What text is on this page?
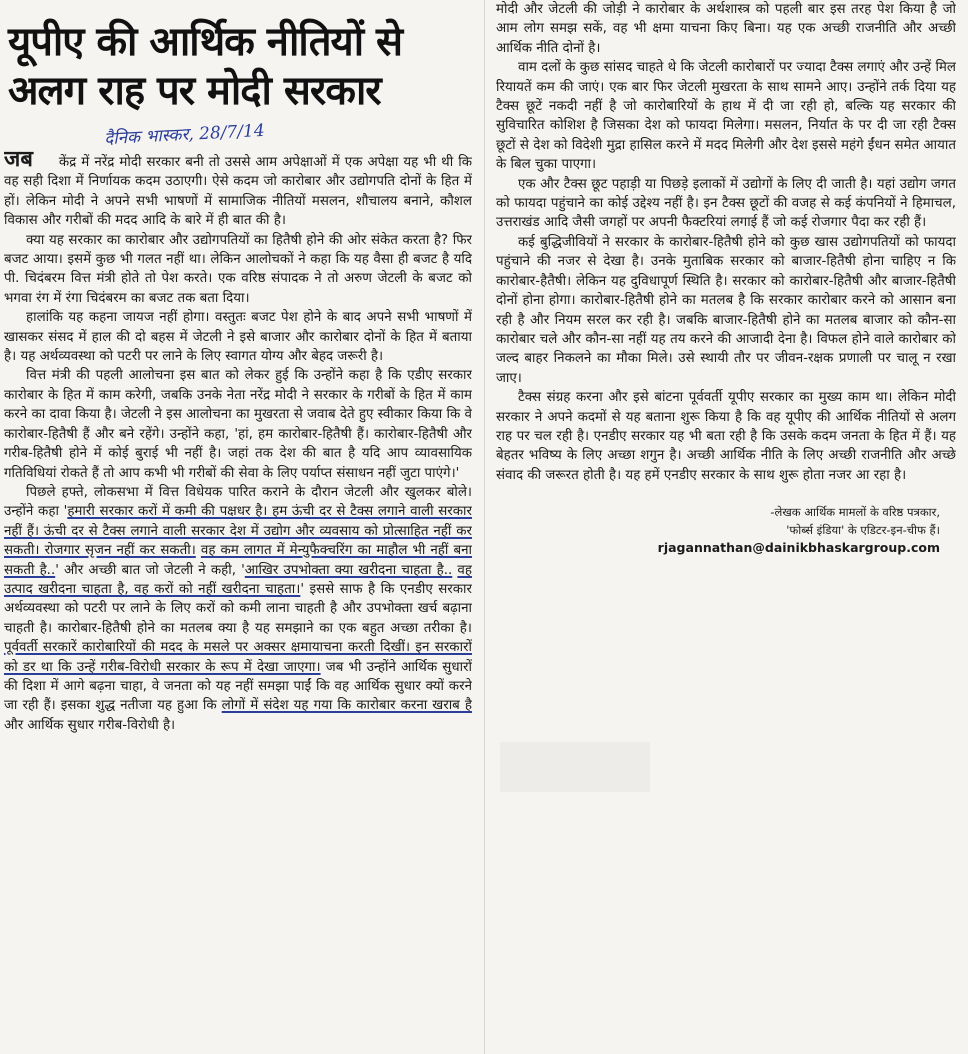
यूपीए की आर्थिक नीतियों से अलग राह पर मोदी सरकार
दैनिक भास्कर, 28/7/14

जब केंद्र में नरेंद्र मोदी सरकार बनी तो उससे आम अपेक्षाओं में एक अपेक्षा यह भी थी कि वह सही दिशा में निर्णायक कदम उठाएगी। ऐसे कदम जो कारोबार और उद्योगपति दोनों के हित में हों। लेकिन मोदी ने अपने सभी भाषणों में सामाजिक नीतियों मसलन, शौचालय बनाने, कौशल विकास और गरीबों की मदद आदि के बारे में ही बात की है।

क्या यह सरकार का कारोबार और उद्योगपतियों का हितैषी होने की ओर संकेत करता है? फिर बजट आया। इसमें कुछ भी गलत नहीं था। लेकिन आलोचकों ने कहा कि यह वैसा ही बजट है यदि पी. चिदंबरम वित्त मंत्री होते तो पेश करते। एक वरिष्ठ संपादक ने तो अरुण जेटली के बजट को भगवा रंग में रंगा चिदंबरम का बजट तक बता दिया।

हालांकि यह कहना जायज नहीं होगा। वस्तुतः बजट पेश होने के बाद अपने सभी भाषणों में खासकर संसद में हाल की दो बहस में जेटली ने इसे बाजार और कारोबार दोनों के हित में बताया है। यह अर्थव्यवस्था को पटरी पर लाने के लिए स्वागत योग्य और बेहद जरूरी है।

वित्त मंत्री की पहली आलोचना इस बात को लेकर हुई कि उन्होंने कहा है कि एडीए सरकार कारोबार के हित में काम करेगी, जबकि उनके नेता नरेंद्र मोदी ने सरकार के गरीबों के हित में काम करने का दावा किया है। जेटली ने इस आलोचना का मुखरता से जवाब देते हुए स्वीकार किया कि वे कारोबार-हितैषी हैं और बने रहेंगे। उन्होंने कहा, 'हां, हम कारोबार-हितैषी हैं। कारोबार-हितैषी और गरीब-हितैषी होने में कोई बुराई भी नहीं है। जहां तक देश की बात है यदि आप व्यावसायिक गतिविधियां रोकते हैं तो आप कभी भी गरीबों की सेवा के लिए पर्याप्त संसाधन नहीं जुटा पाएंगे।'

पिछले हफ्ते, लोकसभा में वित्त विधेयक पारित कराने के दौरान जेटली और खुलकर बोले। उन्होंने कहा 'हमारी सरकार करों में कमी की पक्षधर है। हम ऊंची दर से टैक्स लगाने वाली सरकार नहीं हैं। ऊंची दर से टैक्स लगाने वाली सरकार देश में उद्योग और व्यवसाय को प्रोत्साहित नहीं कर सकती। रोजगार सृजन नहीं कर सकती। वह कम लागत में मेन्युफैक्चरिंग का माहौल भी नहीं बना सकती है..' और अच्छी बात जो जेटली ने कही, 'आखिर उपभोक्ता क्या खरीदना चाहता है.. वह उत्पाद खरीदना चाहता है, वह करों को नहीं खरीदना चाहता।' इससे साफ है कि एनडीए सरकार अर्थव्यवस्था को पटरी पर लाने के लिए करों को कमी लाना चाहती है और उपभोक्ता खर्च बढ़ाना चाहती है। कारोबार-हितैषी होने का मतलब क्या है यह समझाने का एक बहुत अच्छा तरीका है। पूर्ववर्ती सरकारें कारोबारियों की मदद के मसले पर अक्सर क्षमायाचना करती दिखीं। इन सरकारों को डर था कि उन्हें गरीब-विरोधी सरकार के रूप में देखा जाएगा। जब भी उन्होंने आर्थिक सुधारों की दिशा में आगे बढ़ना चाहा, वे जनता को यह नहीं समझा पाईं कि वह आर्थिक सुधार क्यों करने जा रही हैं। इसका शुद्ध नतीजा यह हुआ कि लोगों में संदेश यह गया कि कारोबार करना खराब है और आर्थिक सुधार गरीब-विरोधी है।

मोदी और जेटली की जोड़ी ने कारोबार के अर्थशास्त्र को पहली बार इस तरह पेश किया है जो आम लोग समझ सकें, वह भी क्षमा याचना किए बिना। यह एक अच्छी राजनीति और अच्छी आर्थिक नीति दोनों है।

वाम दलों के कुछ सांसद चाहते थे कि जेटली कारोबारों पर ज्यादा टैक्स लगाएं और उन्हें मिल रियायतें कम की जाएं। एक बार फिर जेटली मुखरता के साथ सामने आए। उन्होंने तर्क दिया यह टैक्स छूटें नकदी नहीं है जो कारोबारियों के हाथ में दी जा रही हो, बल्कि यह सरकार की सुविचारित कोशिश है जिसका देश को फायदा मिलेगा। मसलन, निर्यात के पर दी जा रही टैक्स छूटों से देश को विदेशी मुद्रा हासिल करने में मदद मिलेगी और देश इससे महंगे ईंधन समेत आयात के बिल चुका पाएगा।

एक और टैक्स छूट पहाड़ी या पिछड़े इलाकों में उद्योगों के लिए दी जाती है। यहां उद्योग जगत को फायदा पहुंचाने का कोई उद्देश्य नहीं है। इन टैक्स छूटों की वजह से कई कंपनियों ने हिमाचल, उत्तराखंड आदि जैसी जगहों पर अपनी फैक्टरियां लगाई हैं जो कई रोजगार पैदा कर रही हैं।

कई बुद्धिजीवियों ने सरकार के कारोबार-हितैषी होने को कुछ खास उद्योगपतियों को फायदा पहुंचाने की नजर से देखा है। उनके मुताबिक सरकार को बाजार-हितैषी होना चाहिए न कि कारोबार-हैतैषी। लेकिन यह दुविधापूर्ण स्थिति है। सरकार को कारोबार-हितैषी और बाजार-हितैषी दोनों होना होगा। कारोबार-हितैषी होने का मतलब है कि सरकार कारोबार करने को आसान बना रही है और नियम सरल कर रही है। जबकि बाजार-हितैषी होने का मतलब बाजार को कौन-सा कारोबार चले और कौन-सा नहीं यह तय करने की आजादी देना है। विफल होने वाले कारोबार को जल्द बाहर निकलने का मौका मिले। उसे स्थायी तौर पर जीवन-रक्षक प्रणाली पर चालू न रखा जाए।

टैक्स संग्रह करना और इसे बांटना पूर्ववर्ती यूपीए सरकार का मुख्य काम था। लेकिन मोदी सरकार ने अपने कदमों से यह बताना शुरू किया है कि वह यूपीए की आर्थिक नीतियों से अलग राह पर चल रही है। एनडीए सरकार यह भी बता रही है कि उसके कदम जनता के हित में हैं। यह बेहतर भविष्य के लिए अच्छा शगुन है। अच्छी आर्थिक नीति के लिए अच्छी राजनीति और अच्छे संवाद की जरूरत होती है। यह हमें एनडीए सरकार के साथ शुरू होता नजर आ रहा है।

-लेखक आर्थिक मामलों के वरिष्ठ पत्रकार,
'फोर्ब्स इंडिया' के एडिटर-इन-चीफ हैं।
rjagannathan@dainikbhaskargroup.com
